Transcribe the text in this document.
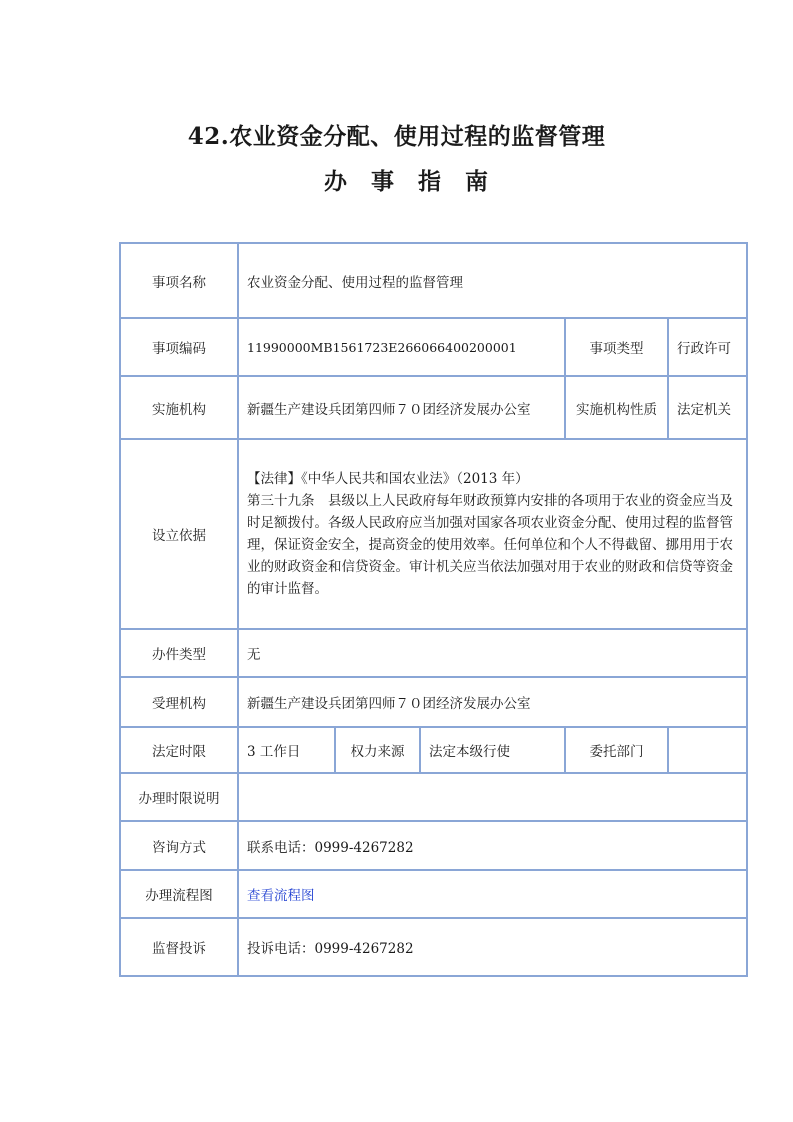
42.农业资金分配、使用过程的监督管理
办 事 指 南
事项名称	农业资金分配、使用过程的监督管理				
事项编码	11990000MB1561723E266066400200001			事项类型	行政许可
实施机构	新疆生产建设兵团第四师７０团经济发展办公室			实施机构性质	法定机关
设立依据	【法律】《中华人民共和国农业法》（2013 年）
第三十九条　县级以上人民政府每年财政预算内安排的各项用于农业的资金应当及时足额拨付。各级人民政府应当加强对国家各项农业资金分配、使用过程的监督管理，保证资金安全，提高资金的使用效率。任何单位和个人不得截留、挪用用于农业的财政资金和信贷资金。审计机关应当依法加强对用于农业的财政和信贷等资金的审计监督。				

办件类型	无				
受理机构	新疆生产建设兵团第四师７０团经济发展办公室				
法定时限	3 工作日	权力来源	法定本级行使	委托部门	
办理时限说明					
咨询方式	联系电话：0999-4267282				
办理流程图	查看流程图				
监督投诉	投诉电话：0999-4267282				
